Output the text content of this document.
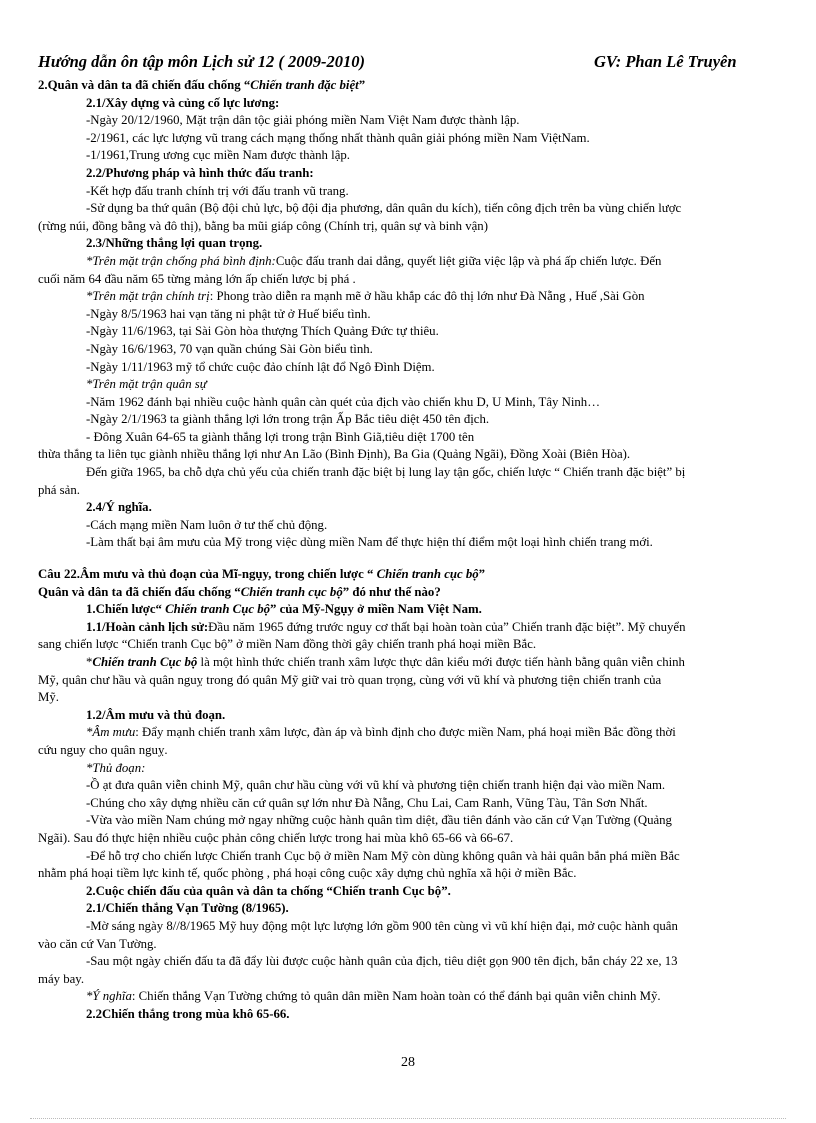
Hướng dẫn ôn tập môn Lịch sử 12 ( 2009-2010)	GV: Phan Lê Truyên
2.Quân và dân ta đã chiến đấu chống “Chiến tranh đặc biệt”
2.1/Xây dựng và củng cố lực lương:
-Ngày 20/12/1960, Mặt trận dân tộc giải phóng miền Nam Việt Nam được thành lập.
-2/1961, các lực lượng vũ trang cách mạng thống nhất thành quân giải phóng miền Nam ViệtNam.
-1/1961,Trung ương cục miền Nam được thành lập.
2.2/Phương pháp và hình thức đấu tranh:
-Kết hợp đấu tranh chính trị với đấu tranh vũ trang.
-Sử dụng ba thứ quân (Bộ đội chủ lực, bộ đội địa phương, dân quân du kích), tiến công địch trên ba vùng chiến lược
(rừng núi, đồng bằng và đô thị), bằng ba mũi giáp công (Chính trị, quân sự và binh vận)
2.3/Những thắng lợi quan trọng.
*Trên mặt trận chống phá bình định:Cuộc đấu tranh dai dẳng, quyết liệt giữa việc lập và phá ấp chiến lược. Đến
cuối năm 64 đầu năm 65 từng mảng lớn ấp chiến lược bị phá .
*Trên mặt trận chính trị: Phong trào diễn ra mạnh mẽ ở hầu khắp các đô thị lớn như Đà Nẵng , Huế ,Sài Gòn
-Ngày 8/5/1963 hai vạn tăng ni phật tử ở Huế biểu tình.
-Ngày 11/6/1963, tại Sài Gòn hòa thượng Thích Quảng Đức tự thiêu.
-Ngày 16/6/1963, 70 vạn quần chúng Sài Gòn biểu tình.
-Ngày 1/11/1963 mỹ tổ chức cuộc đảo chính lật đổ Ngô Đình Diệm.
*Trên mặt trận quân sự
-Năm 1962 đánh bại nhiều cuộc hành quân càn quét của địch vào chiến khu D, U Minh, Tây Ninh…
-Ngày 2/1/1963 ta giành thắng lợi lớn trong trận Ấp Bắc tiêu diệt 450 tên địch.
- Đông Xuân 64-65 ta giành thắng lợi trong trận Bình Giã,tiêu diệt 1700 tên
thừa thắng ta liên tục giành nhiều thắng lợi như An Lão (Bình Định), Ba Gia (Quảng Ngãi), Đồng Xoài (Biên Hòa).
Đến giữa 1965, ba chỗ dựa chủ yếu của chiến tranh đặc biệt bị lung lay tận gốc, chiến lược “ Chiến tranh đặc biệt” bị
phá sản.
2.4/Ý nghĩa.
-Cách mạng miền Nam luôn ở tư thế chủ động.
-Làm thất bại âm mưu của Mỹ trong việc dùng miền Nam để thực hiện thí điểm một loại hình chiến trang mới.
Câu 22.Âm mưu và thủ đoạn của Mĩ-ngụy, trong chiến lược “ Chiến tranh cục bộ”
Quân và dân ta đã chiến đấu chống “Chiến tranh cục bộ” đó như thế nào?
1.Chiến lược“ Chiến tranh Cục bộ” của Mỹ-Ngụy ở miền Nam Việt Nam.
1.1/Hoàn cảnh lịch sử:Đầu năm 1965 đứng trước nguy cơ thất bại hoàn toàn của” Chiến tranh đặc biệt”. Mỹ chuyển
sang chiến lược “Chiến tranh Cục bộ” ở miền Nam đồng thời gây chiến tranh phá hoại miền Bắc.
*Chiến tranh Cục bộ là một hình thức chiến tranh xâm lược thực dân kiểu mới được tiến hành bằng quân viễn chinh
Mỹ, quân chư hầu và quân nguỵ trong đó quân Mỹ giữ vai trò quan trọng, cùng với vũ khí và phương tiện chiến tranh của
Mỹ.
1.2/Âm mưu và thủ đoạn.
*Âm mưu: Đẩy mạnh chiến tranh xâm lược, đàn áp và bình định cho được miền Nam, phá hoại miền Bắc đồng thời
cứu nguy cho quân nguỵ.
*Thủ đoạn:
-Ồ ạt đưa quân viễn chinh Mỹ, quân chư hầu cùng với vũ khí và phương tiện chiến tranh hiện đại vào miền Nam.
-Chúng cho xây dựng nhiều căn cứ quân sự lớn như Đà Nẵng, Chu Lai, Cam Ranh, Vũng Tàu, Tân Sơn Nhất.
-Vừa vào miền Nam chúng mở ngay những cuộc hành quân tìm diệt, đầu tiên đánh vào căn cứ Vạn Tường (Quảng
Ngãi). Sau đó thực hiện nhiều cuộc phản công chiến lược trong hai mùa khô 65-66 và 66-67.
-Để hỗ trợ cho chiến lược Chiến tranh Cục bộ ở miền Nam Mỹ còn dùng không quân và hải quân bắn phá miền Bắc
nhằm phá hoại tiềm lực kinh tế, quốc phòng , phá hoại công cuộc xây dựng chủ nghĩa xã hội ở miền Bắc.
2.Cuộc chiến đấu của quân và dân ta chống “Chiến tranh Cục bộ”.
2.1/Chiến thắng Vạn Tường (8/1965).
-Mờ sáng ngày 8//8/1965 Mỹ huy động một lực lượng lớn gồm 900 tên cùng vì vũ khí hiện đại, mở cuộc hành quân
vào căn cứ Van Tường.
-Sau một ngày chiến đấu ta đã đẩy lùi được cuộc hành quân của địch, tiêu diệt gọn 900 tên địch, bắn cháy 22 xe, 13
máy bay.
*Ý nghĩa: Chiến thắng Vạn Tường chứng tỏ quân dân miền Nam hoàn toàn có thể đánh bại quân viễn chinh Mỹ.
2.2Chiến thắng trong mùa khô 65-66.
28
